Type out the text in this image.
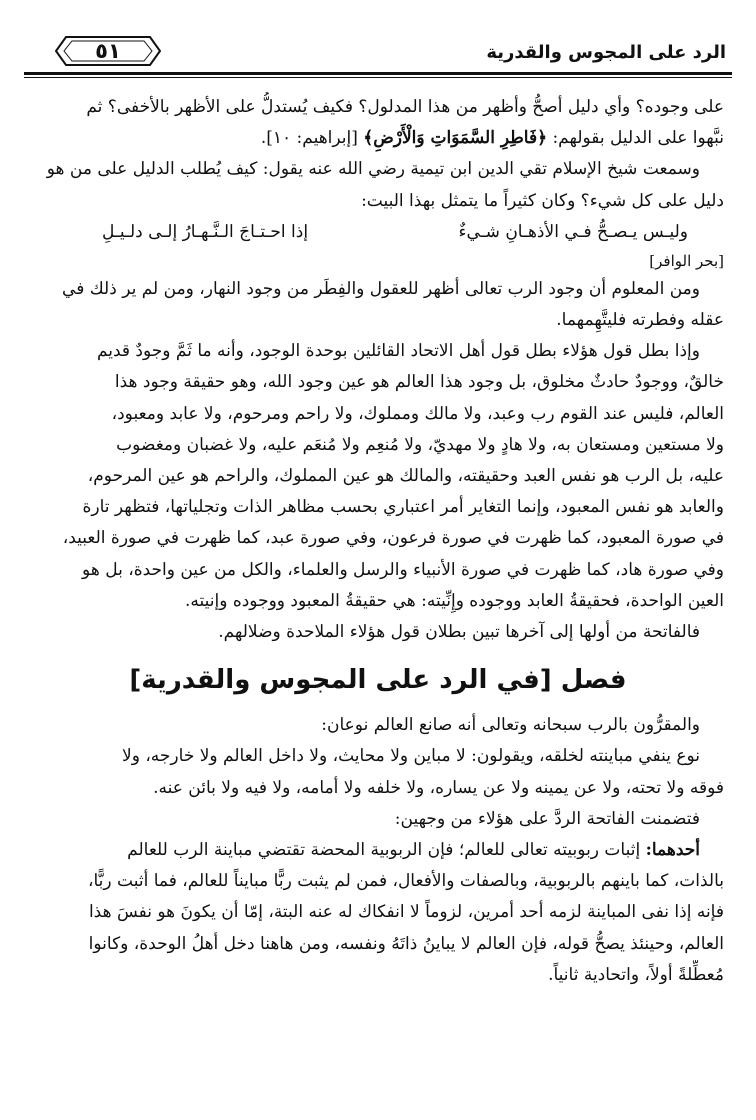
الرد على المجوس والقدرية
٥١

على وجوده؟ وأي دليل أصحُّ وأظهر من هذا المدلول؟ فكيف يُستدلُّ على الأظهر بالأخفى؟ ثم

نبَّهوا على الدليل بقولهم: ﴿فَاطِرِ السَّمَوَاتِ وَالْأَرْضِ﴾ [إبراهيم: ١٠].

وسمعت شيخ الإسلام تقي الدين ابن تيمية رضي الله عنه يقول: كيف يُطلب الدليل على من هو

دليل على كل شيء؟ وكان كثيراً ما يتمثل بهذا البيت:

وليـس يـصـحُّ فـي الأذهـانِ شـيءٌ
إذا احـتـاجَ الـنَّـهـارُ إلـى دلـيـلِ
[بحر الوافر]

ومن المعلوم أن وجود الرب تعالى أظهر للعقول والفِطَر من وجود النهار، ومن لم ير ذلك في

عقله وفطرته فليتَّهِمهما.

وإذا بطل قول هؤلاء بطل قول أهل الاتحاد القائلين بوحدة الوجود، وأنه ما ثَمَّ وجودٌ قديم

خالقٌ، ووجودٌ حادثٌ مخلوق، بل وجود هذا العالم هو عين وجود الله، وهو حقيقة وجود هذا

العالم، فليس عند القوم رب وعبد، ولا مالك ومملوك، ولا راحم ومرحوم، ولا عابد ومعبود،

ولا مستعين ومستعان به، ولا هادٍ ولا مهديّ، ولا مُنعِم ولا مُنعَم عليه، ولا غضبان ومغضوب

عليه، بل الرب هو نفس العبد وحقيقته، والمالك هو عين المملوك، والراحم هو عين المرحوم،

والعابد هو نفس المعبود، وإنما التغاير أمر اعتباري بحسب مظاهر الذات وتجلياتها، فتظهر تارة

في صورة المعبود، كما ظهرت في صورة فرعون، وفي صورة عبد، كما ظهرت في صورة العبيد،

وفي صورة هاد، كما ظهرت في صورة الأنبياء والرسل والعلماء، والكل من عين واحدة، بل هو

العين الواحدة، فحقيقةُ العابد ووجوده وإِنِّيته: هي حقيقةُ المعبود ووجوده وإنيته.

فالفاتحة من أولها إلى آخرها تبين بطلان قول هؤلاء الملاحدة وضلالهم.

فصل [في الرد على المجوس والقدرية]

والمقرُّون بالرب سبحانه وتعالى أنه صانع العالم نوعان:

نوع ينفي مباينته لخلقه، ويقولون: لا مباين ولا محايث، ولا داخل العالم ولا خارجه، ولا

فوقه ولا تحته، ولا عن يمينه ولا عن يساره، ولا خلفه ولا أمامه، ولا فيه ولا بائن عنه.

فتضمنت الفاتحة الردَّ على هؤلاء من وجهين:

أحدهما: إثبات ربوبيته تعالى للعالم؛ فإن الربوبية المحضة تقتضي مباينة الرب للعالم

بالذات، كما باينهم بالربوبية، وبالصفات والأفعال، فمن لم يثبت ربًّا مبايناً للعالم، فما أثبت ربًّا،

فإنه إذا نفى المباينة لزمه أحد أمرين، لزوماً لا انفكاك له عنه البتة، إمّا أن يكونَ هو نفسَ هذا

العالم، وحينئذ يصحُّ قوله، فإن العالم لا يباينُ ذاتَهُ ونفسه، ومن هاهنا دخل أهلُ الوحدة، وكانوا

مُعطِّلةً أولاً، واتحادية ثانياً.
